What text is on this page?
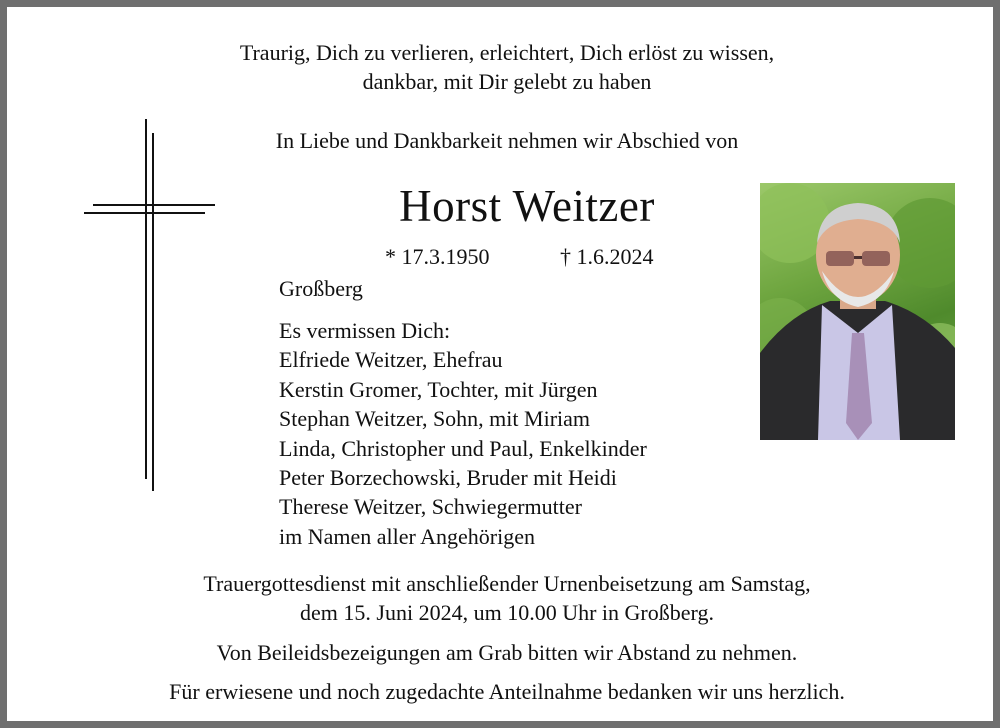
Traurig, Dich zu verlieren, erleichtert, Dich erlöst zu wissen,
dankbar, mit Dir gelebt zu haben
In Liebe und Dankbarkeit nehmen wir Abschied von
Horst Weitzer
* 17.3.1950	† 1.6.2024
Großberg
Es vermissen Dich:
Elfriede Weitzer, Ehefrau
Kerstin Gromer, Tochter, mit Jürgen
Stephan Weitzer, Sohn, mit Miriam
Linda, Christopher und Paul, Enkelkinder
Peter Borzechowski, Bruder mit Heidi
Therese Weitzer, Schwiegermutter
im Namen aller Angehörigen
Trauergottesdienst mit anschließender Urnenbeisetzung am Samstag,
dem 15. Juni 2024, um 10.00 Uhr in Großberg.
Von Beileidsbezeigungen am Grab bitten wir Abstand zu nehmen.
Für erwiesene und noch zugedachte Anteilnahme bedanken wir uns herzlich.
